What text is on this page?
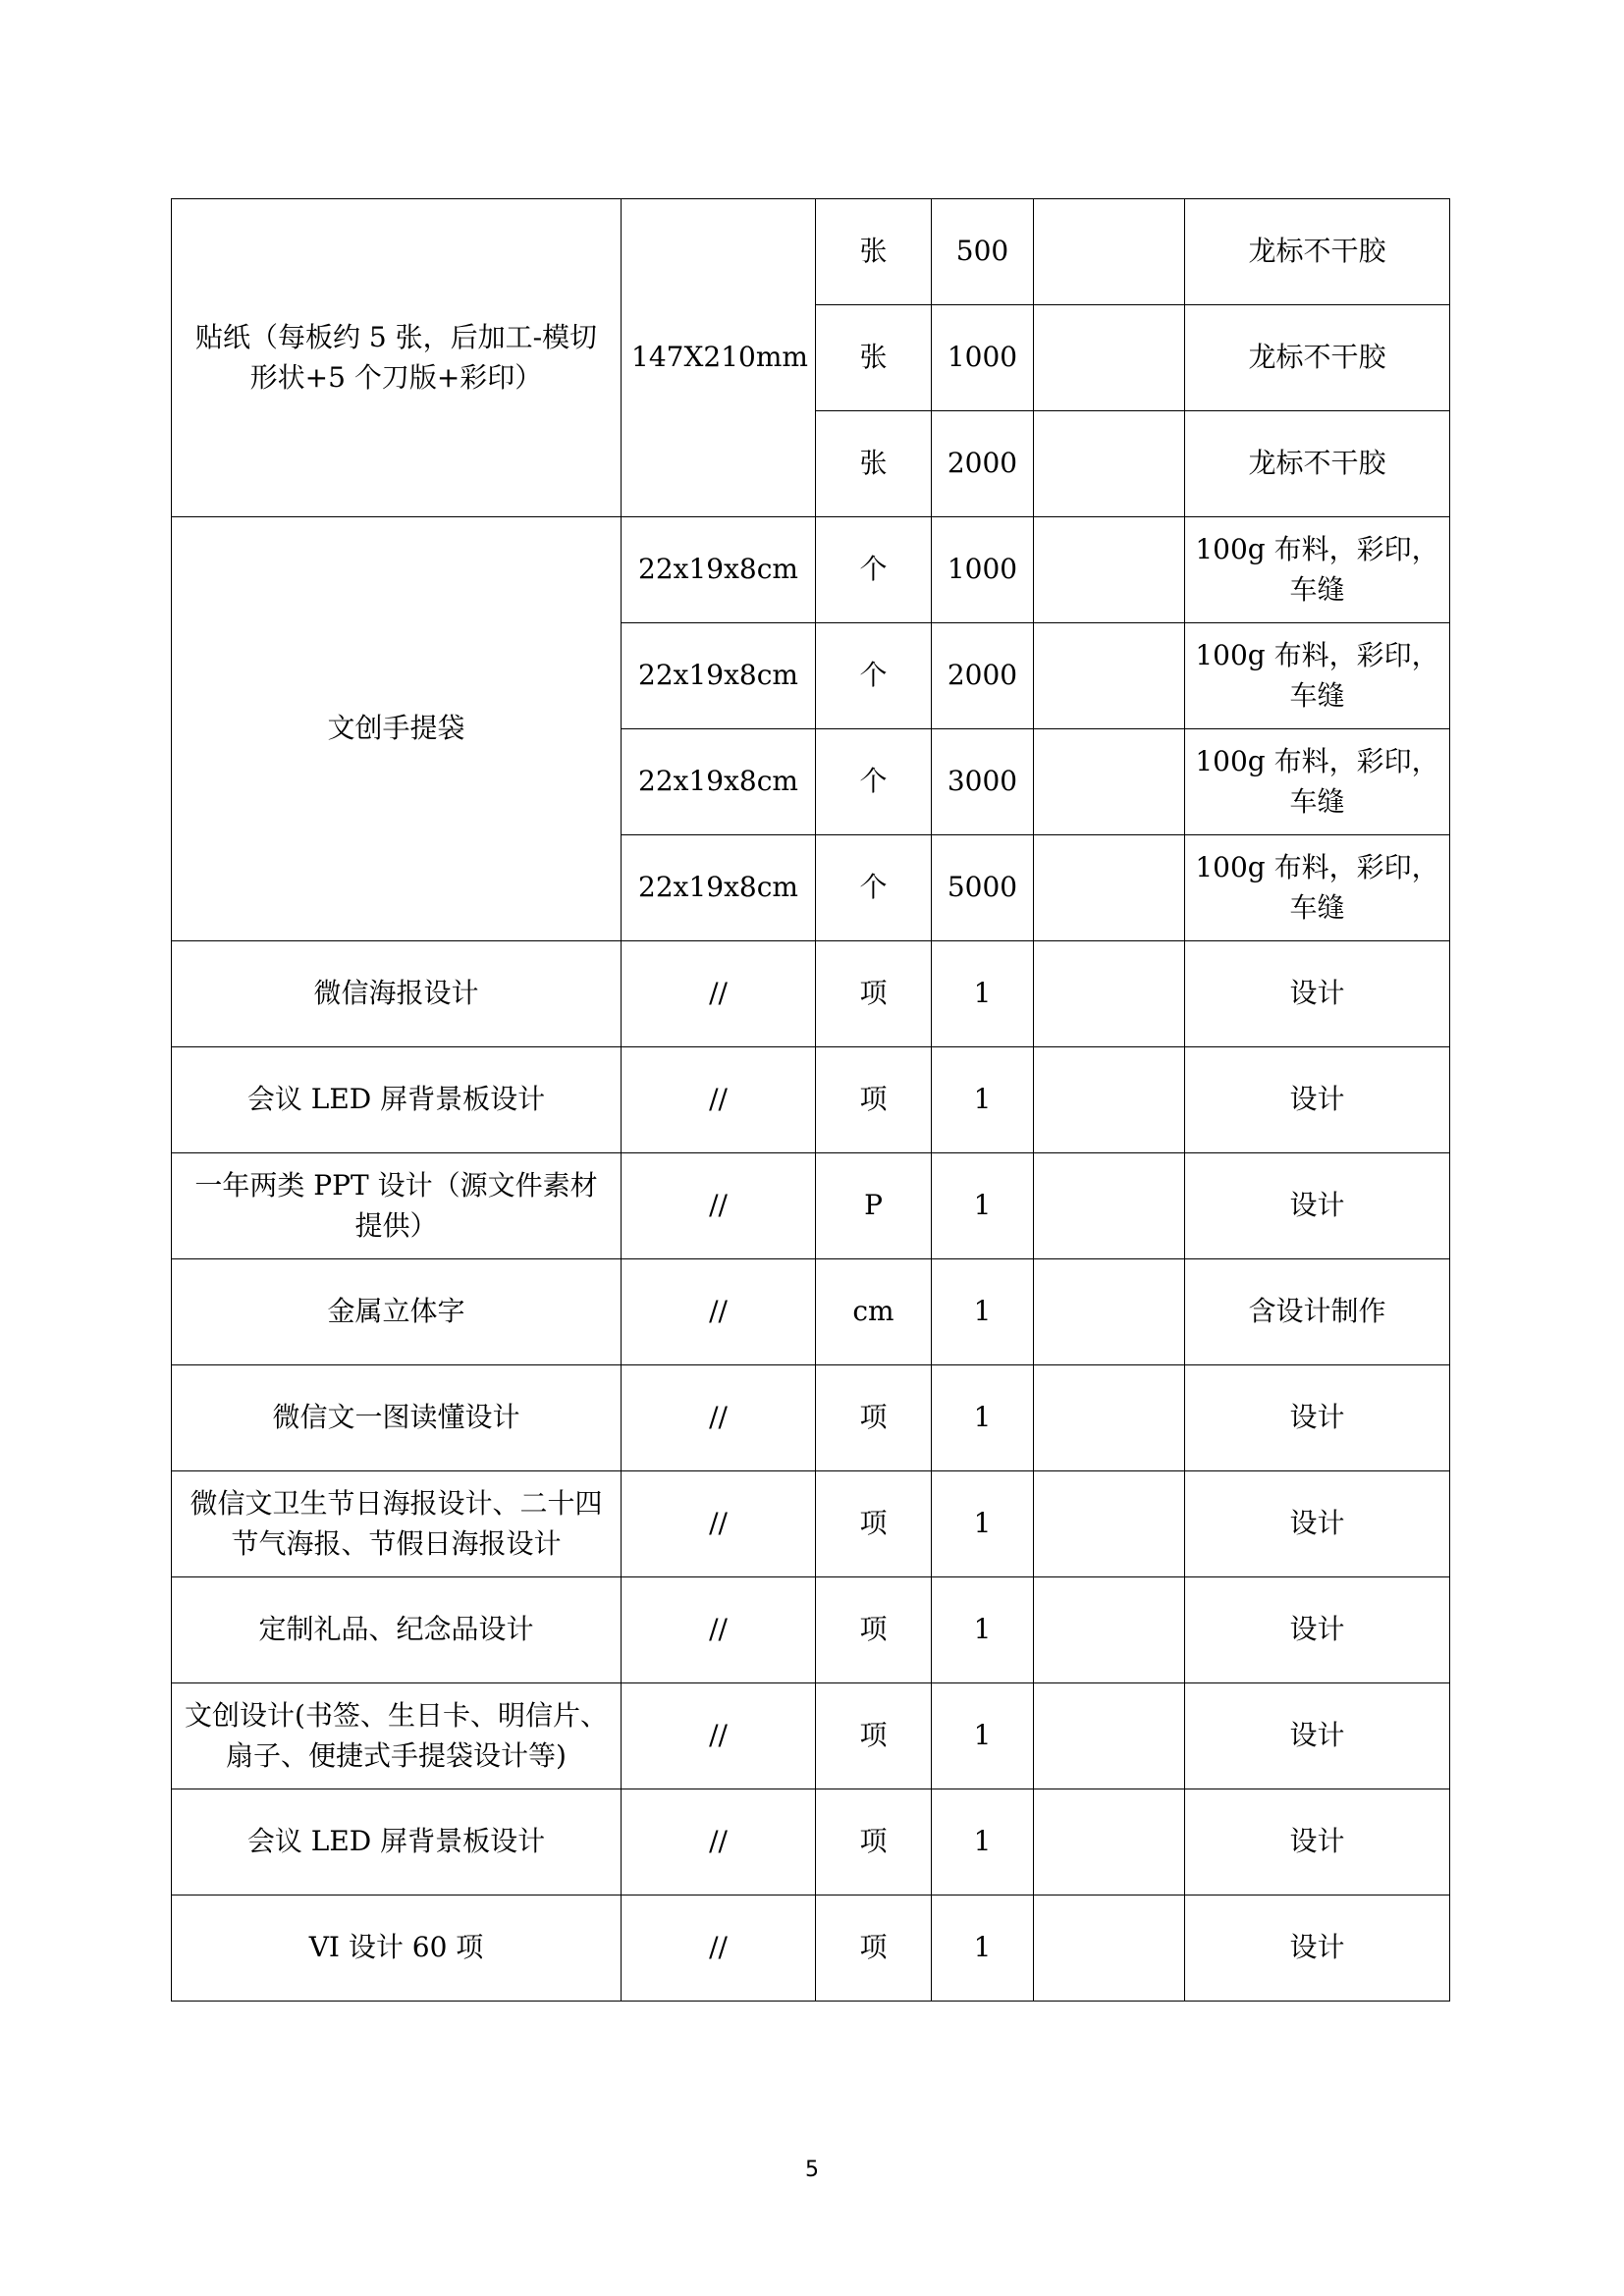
贴纸（每板约 5 张，后加工-模切形状+5 个刀版+彩印）	147X210mm	张	500		龙标不干胶
		张	1000		龙标不干胶
		张	2000		龙标不干胶
文创手提袋	22x19x8cm	个	1000		100g 布料，彩印，车缝
	22x19x8cm	个	2000		100g 布料，彩印，车缝
	22x19x8cm	个	3000		100g 布料，彩印，车缝
	22x19x8cm	个	5000		100g 布料，彩印，车缝
微信海报设计	//	项	1		设计
会议 LED 屏背景板设计	//	项	1		设计
一年两类 PPT 设计（源文件素材提供）	//	P	1		设计
金属立体字	//	cm	1		含设计制作
微信文一图读懂设计	//	项	1		设计
微信文卫生节日海报设计、二十四节气海报、节假日海报设计	//	项	1		设计
定制礼品、纪念品设计	//	项	1		设计
文创设计(书签、生日卡、明信片、扇子、便捷式手提袋设计等)	//	项	1		设计
会议 LED 屏背景板设计	//	项	1		设计
VI 设计 60 项	//	项	1		设计
5
